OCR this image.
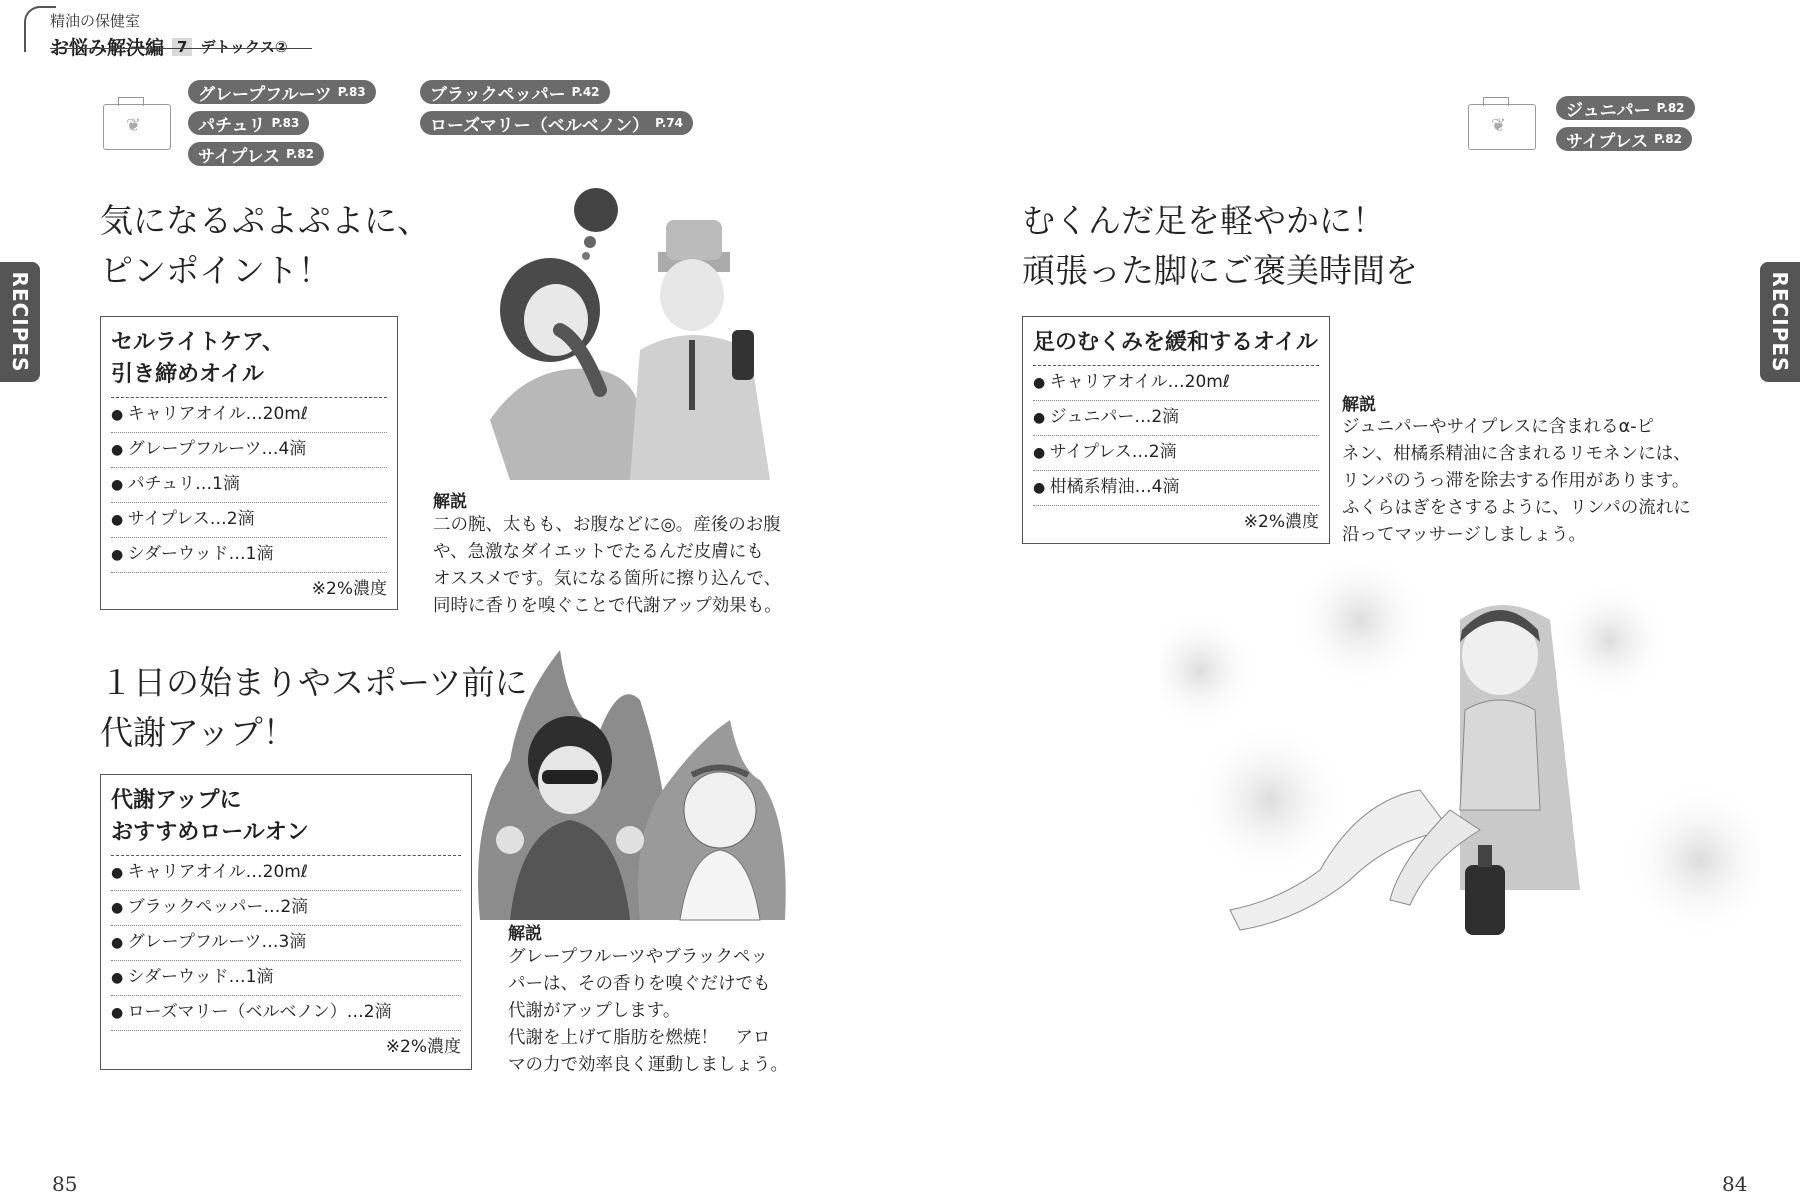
精油の保健室
お悩み解決編 7 デトックス②
RECIPES	RECIPES
❦
グレープフルーツ P.83	ブラックペッパー P.42
パチュリ P.83	ローズマリー（ベルベノン） P.74
サイプレス P.82
気になるぷよぷよに、
ピンポイント！
セルライトケア、
引き締めオイル
● キャリアオイル…20mℓ
● グレープフルーツ…4滴
● パチュリ…1滴
● サイプレス…2滴
● シダーウッド…1滴
※2%濃度
解説
二の腕、太もも、お腹などに◎。産後のお腹
や、急激なダイエットでたるんだ皮膚にも
オススメです。気になる箇所に擦り込んで、
同時に香りを嗅ぐことで代謝アップ効果も。
１日の始まりやスポーツ前に
代謝アップ！
代謝アップに
おすすめロールオン
● キャリアオイル…20mℓ
● ブラックペッパー…2滴
● グレープフルーツ…3滴
● シダーウッド…1滴
● ローズマリー（ベルベノン）…2滴
※2%濃度
解説
グレープフルーツやブラックペッ
パーは、その香りを嗅ぐだけでも
代謝がアップします。
代謝を上げて脂肪を燃焼！　アロ
マの力で効率良く運動しましょう。
85
❦
ジュニパー P.82
サイプレス P.82
むくんだ足を軽やかに！
頑張った脚にご褒美時間を
足のむくみを緩和するオイル
● キャリアオイル…20mℓ
● ジュニパー…2滴
● サイプレス…2滴
● 柑橘系精油…4滴
※2%濃度
解説
ジュニパーやサイプレスに含まれるα-ピ
ネン、柑橘系精油に含まれるリモネンには、
リンパのうっ滞を除去する作用があります。
ふくらはぎをさするように、リンパの流れに
沿ってマッサージしましょう。
84
